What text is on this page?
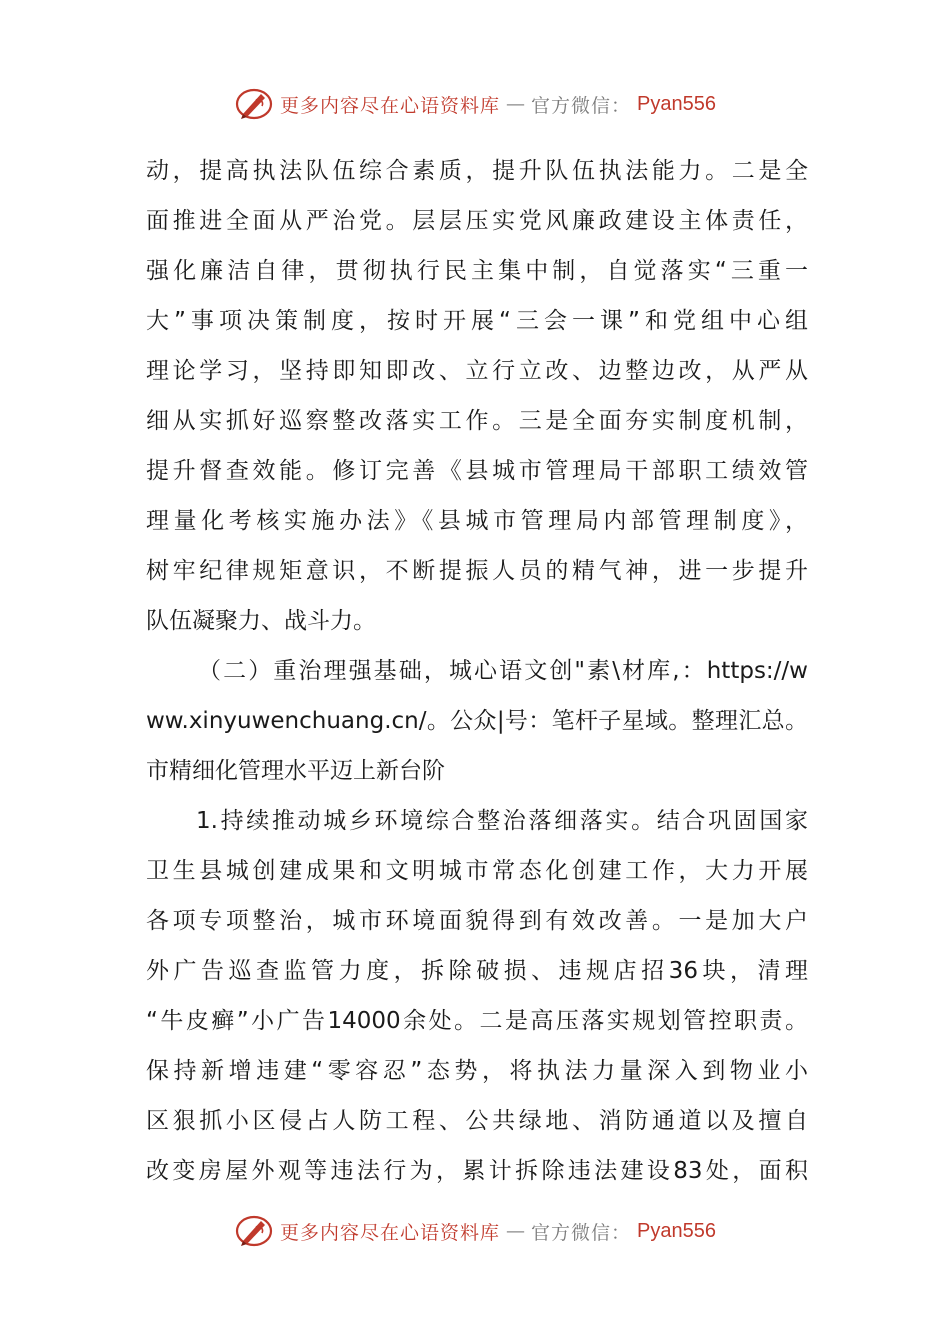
更多内容尽在心语资料库 — 官方微信： Pyan556
动，提高执法队伍综合素质，提升队伍执法能力。二是全
面推进全面从严治党。层层压实党风廉政建设主体责任，
强化廉洁自律，贯彻执行民主集中制，自觉落实“三重一
大”事项决策制度，按时开展“三会一课”和党组中心组
理论学习，坚持即知即改、立行立改、边整边改，从严从
细从实抓好巡察整改落实工作。三是全面夯实制度机制，
提升督查效能。修订完善《县城市管理局干部职工绩效管
理量化考核实施办法》《县城市管理局内部管理制度》，
树牢纪律规矩意识，不断提振人员的精气神，进一步提升
队伍凝聚力、战斗力。
（二）重治理强基础，城心语文创"素\材库,：https://w
ww.xinyuwenchuang.cn/。公众|号：笔杆子星域。整理汇总。
市精细化管理水平迈上新台阶
1.持续推动城乡环境综合整治落细落实。结合巩固国家
卫生县城创建成果和文明城市常态化创建工作，大力开展
各项专项整治，城市环境面貌得到有效改善。一是加大户
外广告巡查监管力度，拆除破损、违规店招36块，清理
“牛皮癣”小广告14000余处。二是高压落实规划管控职责。
保持新增违建“零容忍”态势，将执法力量深入到物业小
区狠抓小区侵占人防工程、公共绿地、消防通道以及擅自
改变房屋外观等违法行为，累计拆除违法建设83处，面积
更多内容尽在心语资料库 — 官方微信： Pyan556
